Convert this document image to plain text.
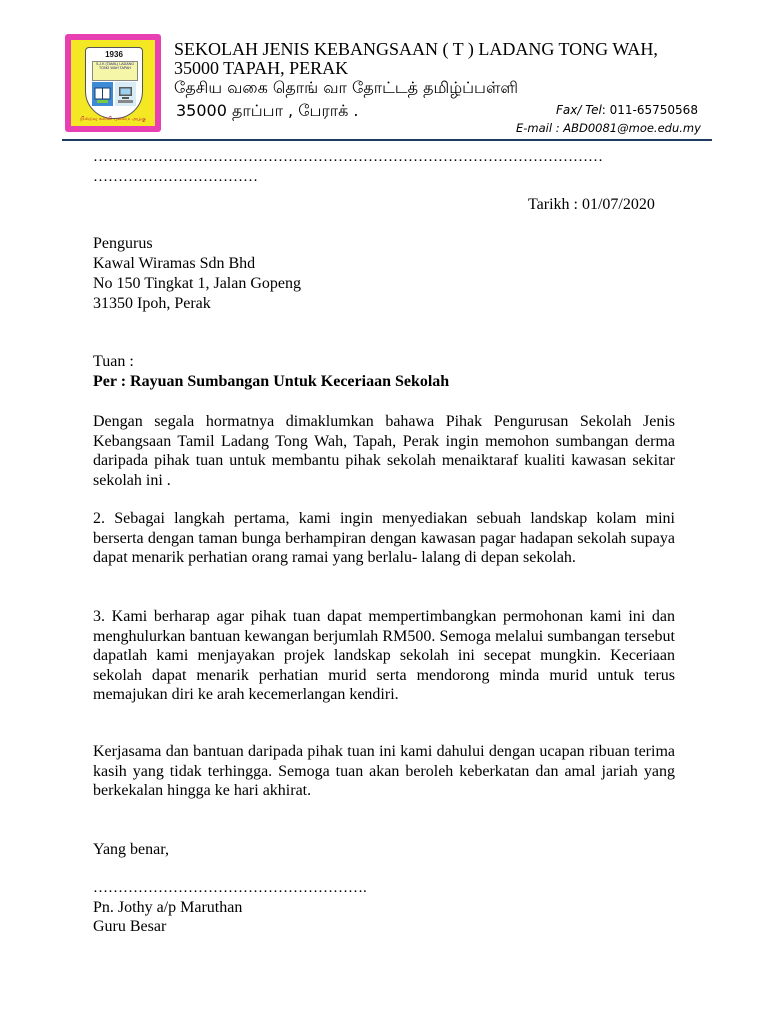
1936
S.J.K (TAMIL) LADANG TONG WAH TAPAH
நிறைவு கல்வி புலமை அழகு
SEKOLAH JENIS KEBANGSAAN ( T ) LADANG TONG WAH,
35000 TAPAH, PERAK
தேசிய வகை தொங் வா தோட்டத் தமிழ்ப்பள்ளி
35000 தாப்பா , பேராக் .	Fax/ Tel: 011-65750568
E-mail : ABD0081@moe.edu.my
…………………………………………………………………………………………
……………………………
Tarikh : 01/07/2020
Pengurus
Kawal Wiramas Sdn Bhd
No 150 Tingkat 1, Jalan Gopeng
31350 Ipoh, Perak
Tuan :
Per : Rayuan Sumbangan Untuk Keceriaan Sekolah
Dengan segala hormatnya dimaklumkan bahawa Pihak Pengurusan Sekolah Jenis Kebangsaan Tamil Ladang Tong Wah, Tapah, Perak ingin memohon sumbangan derma daripada pihak tuan untuk membantu pihak sekolah menaiktaraf kualiti kawasan sekitar sekolah ini .
2. Sebagai langkah pertama, kami ingin menyediakan sebuah landskap kolam mini berserta dengan taman bunga berhampiran dengan kawasan pagar hadapan sekolah supaya dapat menarik perhatian orang ramai yang berlalu- lalang di depan sekolah.
3. Kami berharap agar pihak tuan dapat mempertimbangkan permohonan kami ini dan menghulurkan bantuan kewangan berjumlah RM500. Semoga melalui sumbangan tersebut dapatlah kami menjayakan projek landskap sekolah ini secepat mungkin. Keceriaan sekolah dapat menarik perhatian murid serta mendorong minda murid untuk terus memajukan diri ke arah kecemerlangan kendiri.
Kerjasama dan bantuan daripada pihak tuan ini kami dahului dengan ucapan ribuan terima kasih yang tidak terhingga. Semoga tuan akan beroleh keberkatan dan amal jariah yang berkekalan hingga ke hari akhirat.
Yang benar,
……………………………………………….
Pn. Jothy a/p Maruthan
Guru Besar
